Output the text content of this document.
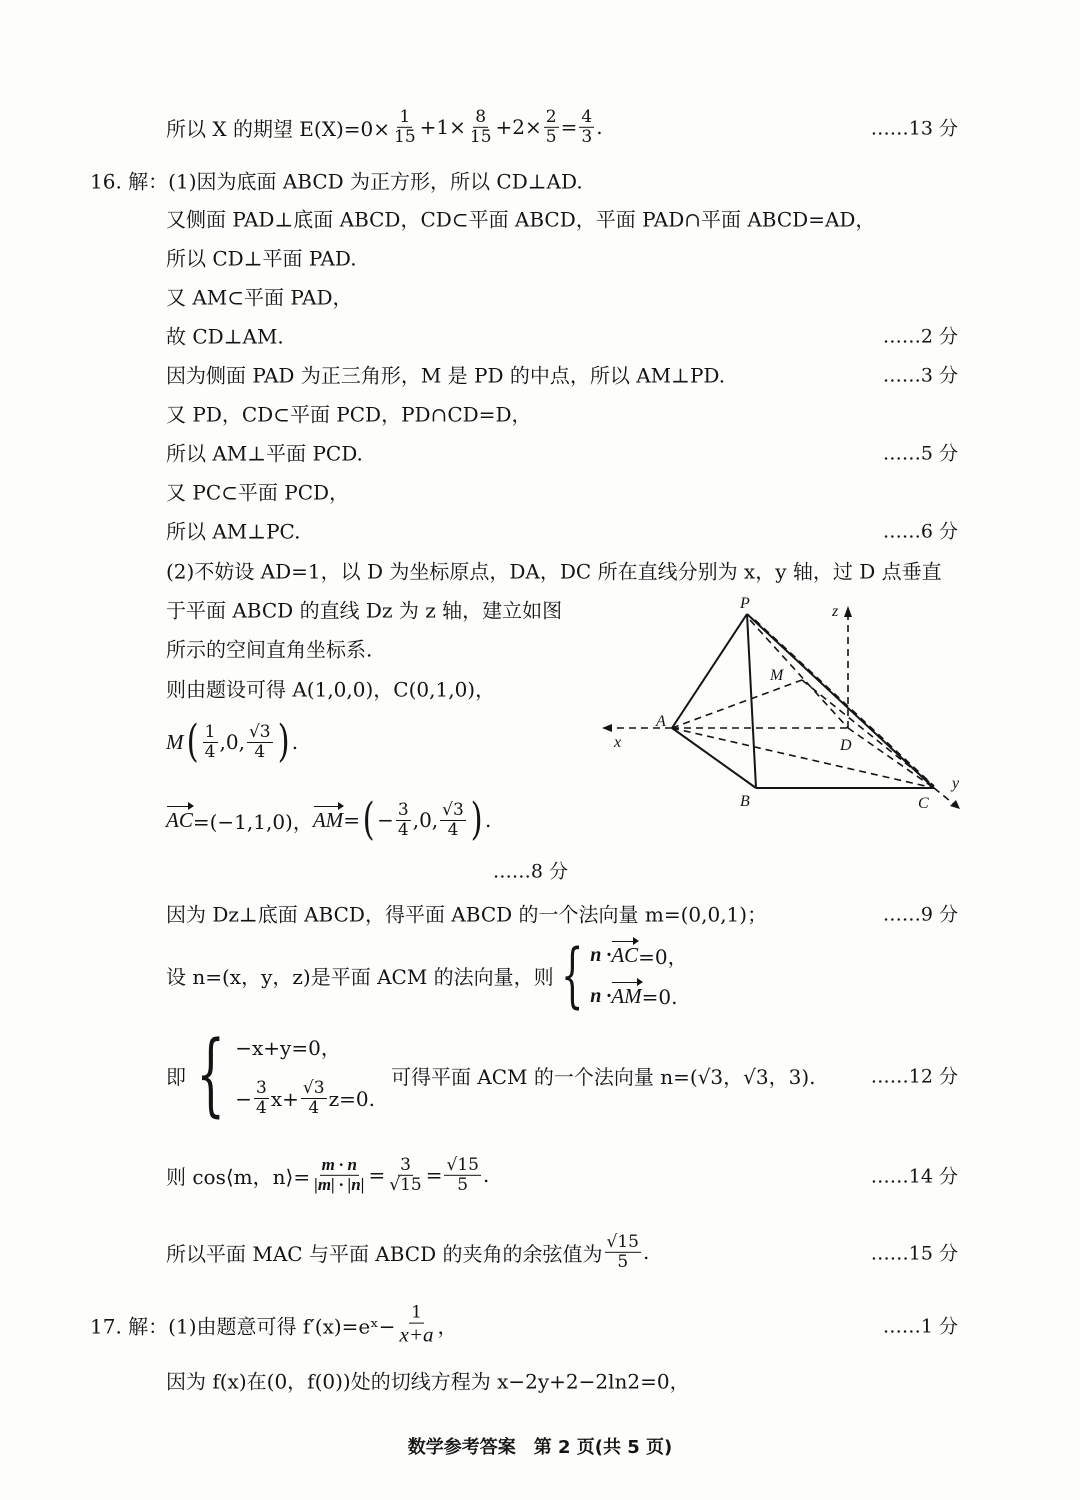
所以 X 的期望 $E(X)=0\times \frac{1}{15} +1\times \frac{8}{15} +2\times \frac{2}{5} = \frac{4}{3}$ .	……13 分
16. 解：(1)因为底面 ABCD 为正方形，所以 CD⊥AD.
又侧面 PAD⊥底面 ABCD，CD⊂平面 ABCD，平面 PAD∩平面 ABCD=AD，
所以 CD⊥平面 PAD.
又 AM⊂平面 PAD，
故 CD⊥AM.	……2 分
因为侧面 PAD 为正三角形，M 是 PD 的中点，所以 AM⊥PD.	……3 分
又 PD，CD⊂平面 PCD，PD∩CD=D，
所以 AM⊥平面 PCD.	……5 分
又 PC⊂平面 PCD，
所以 AM⊥PC.	……6 分
(2)不妨设 AD=1，以 D 为坐标原点，DA，DC 所在直线分别为 x，y 轴，过 D 点垂直
于平面 ABCD 的直线 Dz 为 z 轴，建立如图
所示的空间直角坐标系.
则由题设可得 A(1,0,0)，C(0,1,0)，
M ( $\frac{1}{4} ,0$, $\frac{√3}{4}$ ) .
AC =(−1,1,0)， AM = ( − $\frac{3}{4} ,0$, $\frac{√3}{4}$ ) .
……8 分
P
M
A
D
B	C
x
y
z
因为 Dz⊥底面 ABCD，得平面 ABCD 的一个法向量 m=(0,0,1)；	……9 分
设 n=(x，y，z)是平面 ACM 的法向量，则 { n · AC =0，
n · AM =0.
即 { −x+y=0，
− $\frac{3}{4} x+ \frac{√3}{4} z=0$.
可得平面 ACM 的一个法向量 n=(√3，√3，3).	……12 分
则 cos⟨m，n⟩= $\frac{m \cdot n}{|m| \cdot |n|} = \frac{3}{√15} = \frac{√15}{5}$ .	……14 分
所以平面 MAC 与平面 ABCD 的夹角的余弦值为 $\frac{√15}{5}$ .	……15 分
17. 解：(1)由题意可得 f′(x)=eˣ− $\frac{1}{x+a}$ ，	……1 分
因为 f(x)在(0，f(0))处的切线方程为 x−2y+2−2ln2=0，
数学参考答案　第 2 页(共 5 页)
